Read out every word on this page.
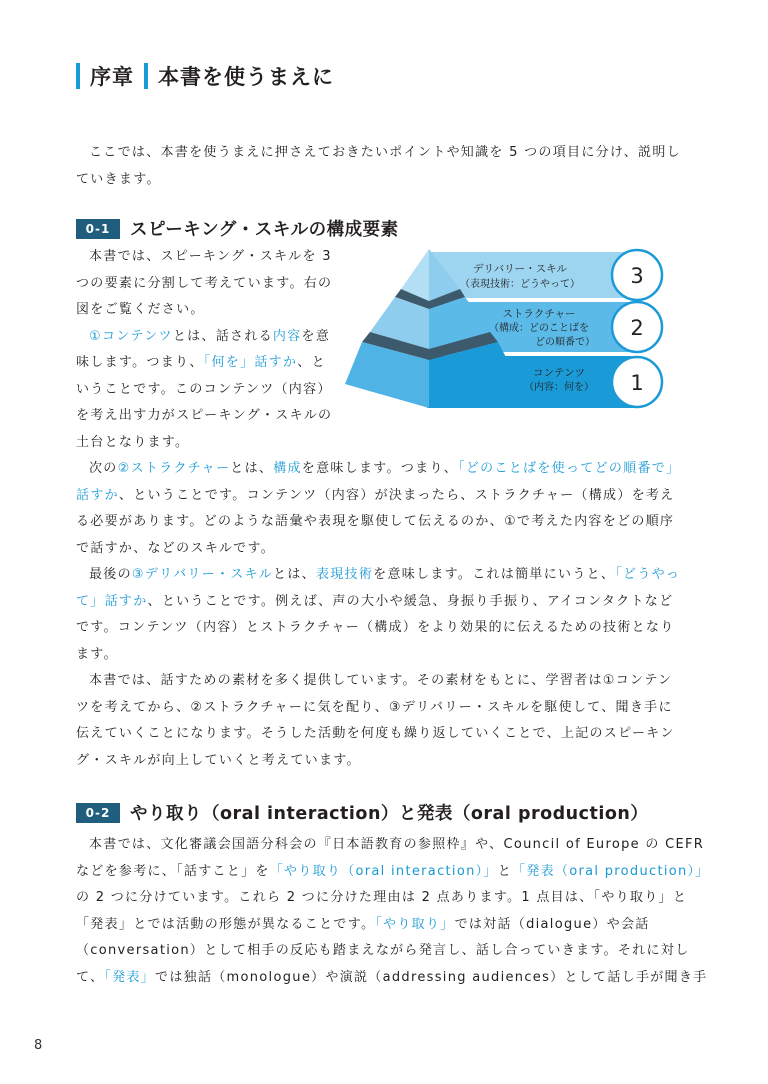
序章 本書を使うまえに

ここでは、本書を使うまえに押さえておきたいポイントや知識を 5 つの項目に分け、説明し

ていきます。

0-1	スピーキング・スキルの構成要素

本書では、スピーキング・スキルを 3

つの要素に分割して考えています。右の

図をご覧ください。

①コンテンツとは、話される内容を意

味します。つまり、「何を」話すか、と

いうことです。このコンテンツ（内容）

を考え出す力がスピーキング・スキルの

土台となります。

デリバリー・スキル
（表現技術：どうやって）
ストラクチャー
（構成：どのことばを
どの順番で）
コンテンツ
（内容：何を）
3
2
1

次の②ストラクチャーとは、構成を意味します。つまり、「どのことばを使ってどの順番で」

話すか、ということです。コンテンツ（内容）が決まったら、ストラクチャー（構成）を考え

る必要があります。どのような語彙や表現を駆使して伝えるのか、①で考えた内容をどの順序

で話すか、などのスキルです。

最後の③デリバリー・スキルとは、表現技術を意味します。これは簡単にいうと、「どうやっ

て」話すか、ということです。例えば、声の大小や緩急、身振り手振り、アイコンタクトなど

です。コンテンツ（内容）とストラクチャー（構成）をより効果的に伝えるための技術となり

ます。

本書では、話すための素材を多く提供しています。その素材をもとに、学習者は①コンテン

ツを考えてから、②ストラクチャーに気を配り、③デリバリー・スキルを駆使して、聞き手に

伝えていくことになります。そうした活動を何度も繰り返していくことで、上記のスピーキン

グ・スキルが向上していくと考えています。

0-2	やり取り（oral interaction）と発表（oral production）

本書では、文化審議会国語分科会の『日本語教育の参照枠』や、Council of Europe の CEFR

などを参考に、「話すこと」を「やり取り（oral interaction）」と「発表（oral production）」

の 2 つに分けています。これら 2 つに分けた理由は 2 点あります。1 点目は、「やり取り」と

「発表」とでは活動の形態が異なることです。「やり取り」では対話（dialogue）や会話

（conversation）として相手の反応も踏まえながら発言し、話し合っていきます。それに対し

て、「発表」では独話（monologue）や演説（addressing audiences）として話し手が聞き手

8
